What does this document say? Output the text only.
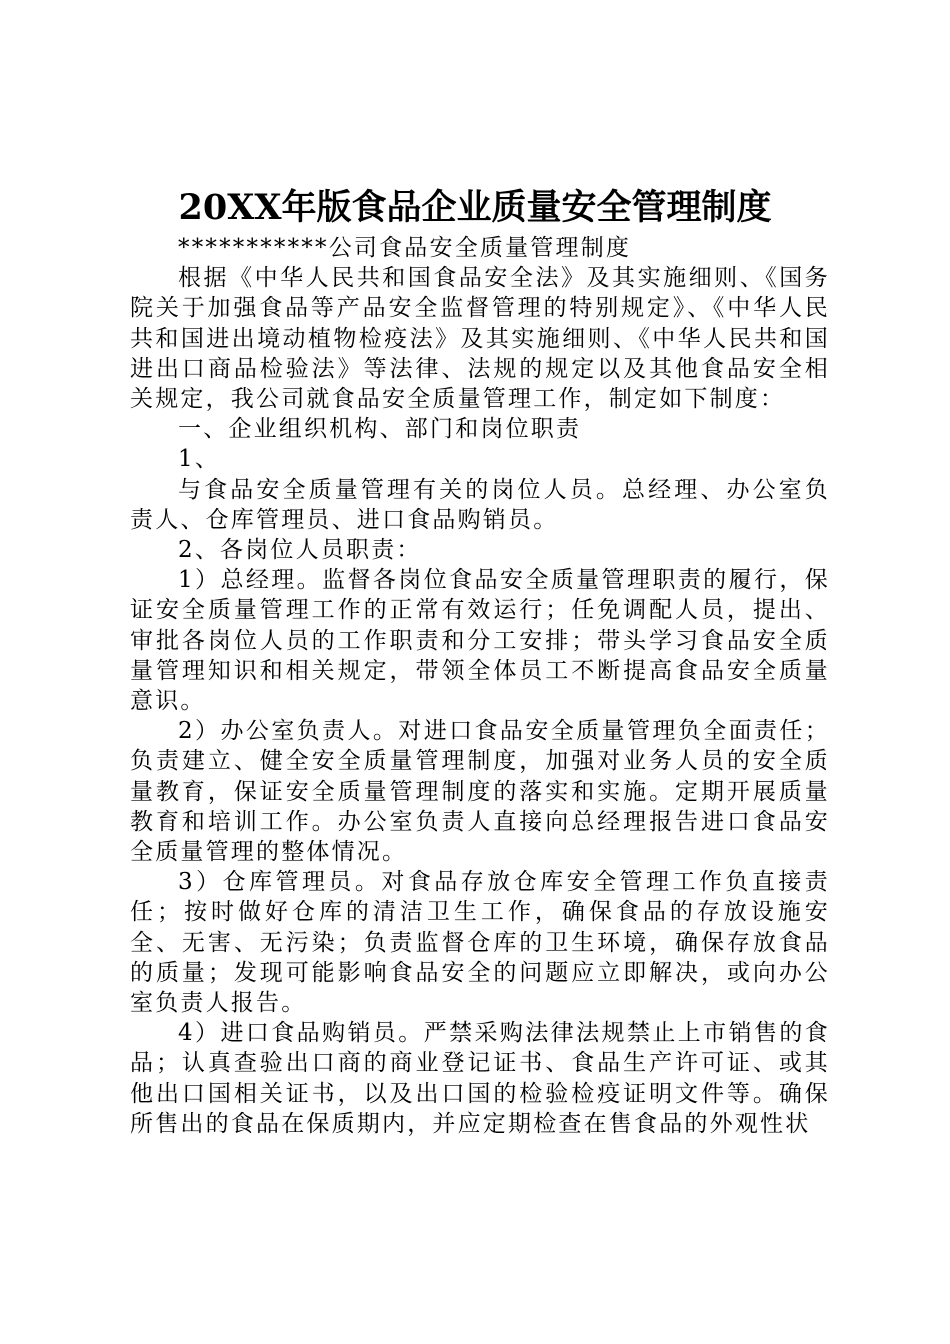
20XX年版食品企业质量安全管理制度

***********公司食品安全质量管理制度

根据《中华人民共和国食品安全法》及其实施细则、《国务院关于加强食品等产品安全监督管理的特别规定》、《中华人民共和国进出境动植物检疫法》及其实施细则、《中华人民共和国进出口商品检验法》等法律、法规的规定以及其他食品安全相关规定，我公司就食品安全质量管理工作，制定如下制度：

一、企业组织机构、部门和岗位职责

1、

与食品安全质量管理有关的岗位人员。总经理、办公室负责人、仓库管理员、进口食品购销员。

2、各岗位人员职责：

1）总经理。监督各岗位食品安全质量管理职责的履行，保证安全质量管理工作的正常有效运行；任免调配人员，提出、审批各岗位人员的工作职责和分工安排；带头学习食品安全质量管理知识和相关规定，带领全体员工不断提高食品安全质量意识。

2）办公室负责人。对进口食品安全质量管理负全面责任；负责建立、健全安全质量管理制度，加强对业务人员的安全质量教育，保证安全质量管理制度的落实和实施。定期开展质量教育和培训工作。办公室负责人直接向总经理报告进口食品安全质量管理的整体情况。

3）仓库管理员。对食品存放仓库安全管理工作负直接责任；按时做好仓库的清洁卫生工作，确保食品的存放设施安全、无害、无污染；负责监督仓库的卫生环境，确保存放食品的质量；发现可能影响食品安全的问题应立即解决，或向办公室负责人报告。

4）进口食品购销员。严禁采购法律法规禁止上市销售的食品；认真查验出口商的商业登记证书、食品生产许可证、或其他出口国相关证书，以及出口国的检验检疫证明文件等。确保所售出的食品在保质期内，并应定期检查在售食品的外观性状
